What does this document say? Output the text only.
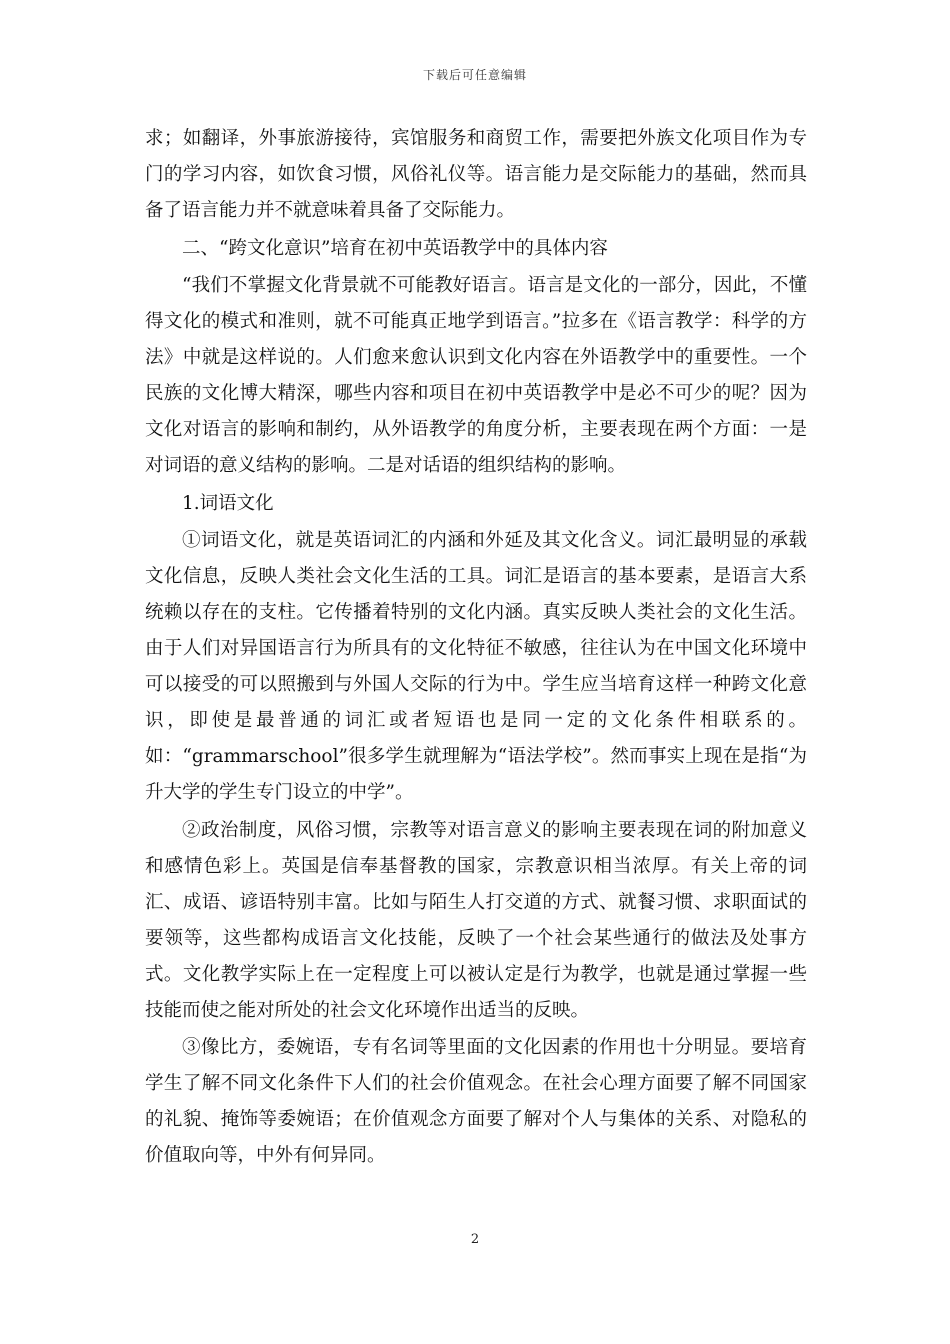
下载后可任意编辑

求；如翻译，外事旅游接待，宾馆服务和商贸工作，需要把外族文化项目作为专门的学习内容，如饮食习惯，风俗礼仪等。语言能力是交际能力的基础，然而具备了语言能力并不就意味着具备了交际能力。

二、“跨文化意识”培育在初中英语教学中的具体内容

“我们不掌握文化背景就不可能教好语言。语言是文化的一部分，因此，不懂得文化的模式和准则，就不可能真正地学到语言。”拉多在《语言教学：科学的方法》中就是这样说的。人们愈来愈认识到文化内容在外语教学中的重要性。一个民族的文化博大精深，哪些内容和项目在初中英语教学中是必不可少的呢？因为文化对语言的影响和制约，从外语教学的角度分析，主要表现在两个方面：一是对词语的意义结构的影响。二是对话语的组织结构的影响。

1.词语文化

①词语文化，就是英语词汇的内涵和外延及其文化含义。词汇最明显的承载文化信息，反映人类社会文化生活的工具。词汇是语言的基本要素，是语言大系统赖以存在的支柱。它传播着特别的文化内涵。真实反映人类社会的文化生活。由于人们对异国语言行为所具有的文化特征不敏感，往往认为在中国文化环境中可以接受的可以照搬到与外国人交际的行为中。学生应当培育这样一种跨文化意识，即使是最普通的词汇或者短语也是同一定的文化条件相联系的。如：“grammarschool”很多学生就理解为“语法学校”。然而事实上现在是指“为升大学的学生专门设立的中学”。

②政治制度，风俗习惯，宗教等对语言意义的影响主要表现在词的附加意义和感情色彩上。英国是信奉基督教的国家，宗教意识相当浓厚。有关上帝的词汇、成语、谚语特别丰富。比如与陌生人打交道的方式、就餐习惯、求职面试的要领等，这些都构成语言文化技能，反映了一个社会某些通行的做法及处事方式。文化教学实际上在一定程度上可以被认定是行为教学，也就是通过掌握一些技能而使之能对所处的社会文化环境作出适当的反映。

③像比方，委婉语，专有名词等里面的文化因素的作用也十分明显。要培育学生了解不同文化条件下人们的社会价值观念。在社会心理方面要了解不同国家的礼貌、掩饰等委婉语；在价值观念方面要了解对个人与集体的关系、对隐私的价值取向等，中外有何异同。

2
